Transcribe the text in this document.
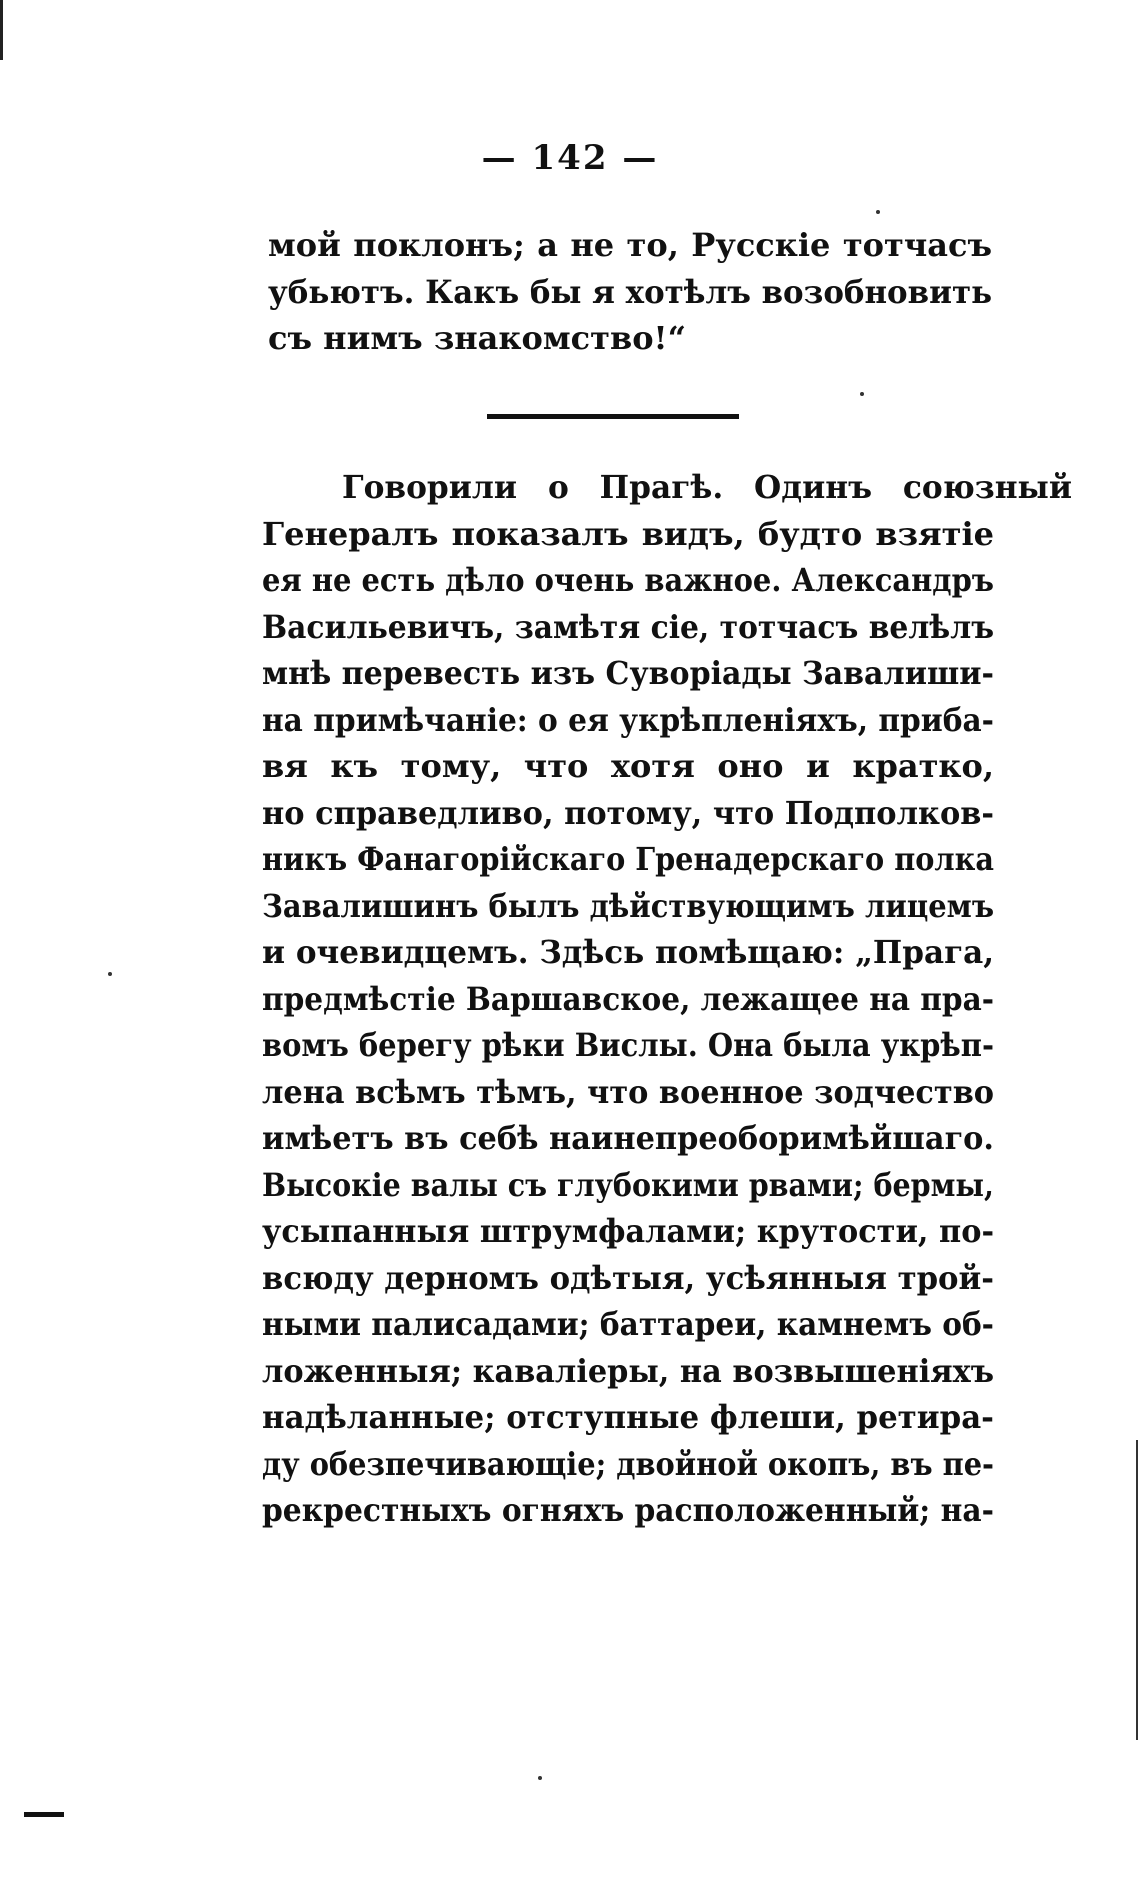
— 142 —
мой поклонъ; а не то, Русскіе тотчасъ
убьютъ. Какъ бы я хотѣлъ возобновить
съ нимъ знакомство!“
Говорили о Прагѣ. Одинъ союзный
Генералъ показалъ видъ, будто взятіе
ея не есть дѣло очень важное. Александръ
Васильевичъ, замѣтя сіе, тотчасъ велѣлъ
мнѣ перевесть изъ Суворіады Завалиши-
на примѣчаніе: о ея укрѣпленіяхъ, приба-
вя къ тому, что хотя оно и кратко,
но справедливо, потому, что Подполков-
никъ Фанагорійскаго Гренадерскаго полка
Завалишинъ былъ дѣйствующимъ лицемъ
и очевидцемъ. Здѣсь помѣщаю: „Прага,
предмѣстіе Варшавское, лежащее на пра-
вомъ берегу рѣки Вислы. Она была укрѣп-
лена всѣмъ тѣмъ, что военное зодчество
имѣетъ въ себѣ наинепреоборимѣйшаго.
Высокіе валы съ глубокими рвами; бермы,
усыпанныя штрумфалами; крутости, по-
всюду дерномъ одѣтыя, усѣянныя трой-
ными палисадами; баттареи, камнемъ об-
ложенныя; каваліеры, на возвышеніяхъ
надѣланные; отступные флеши, ретира-
ду обезпечивающіе; двойной окопъ, въ пе-
рекрестныхъ огняхъ расположенный; на-
